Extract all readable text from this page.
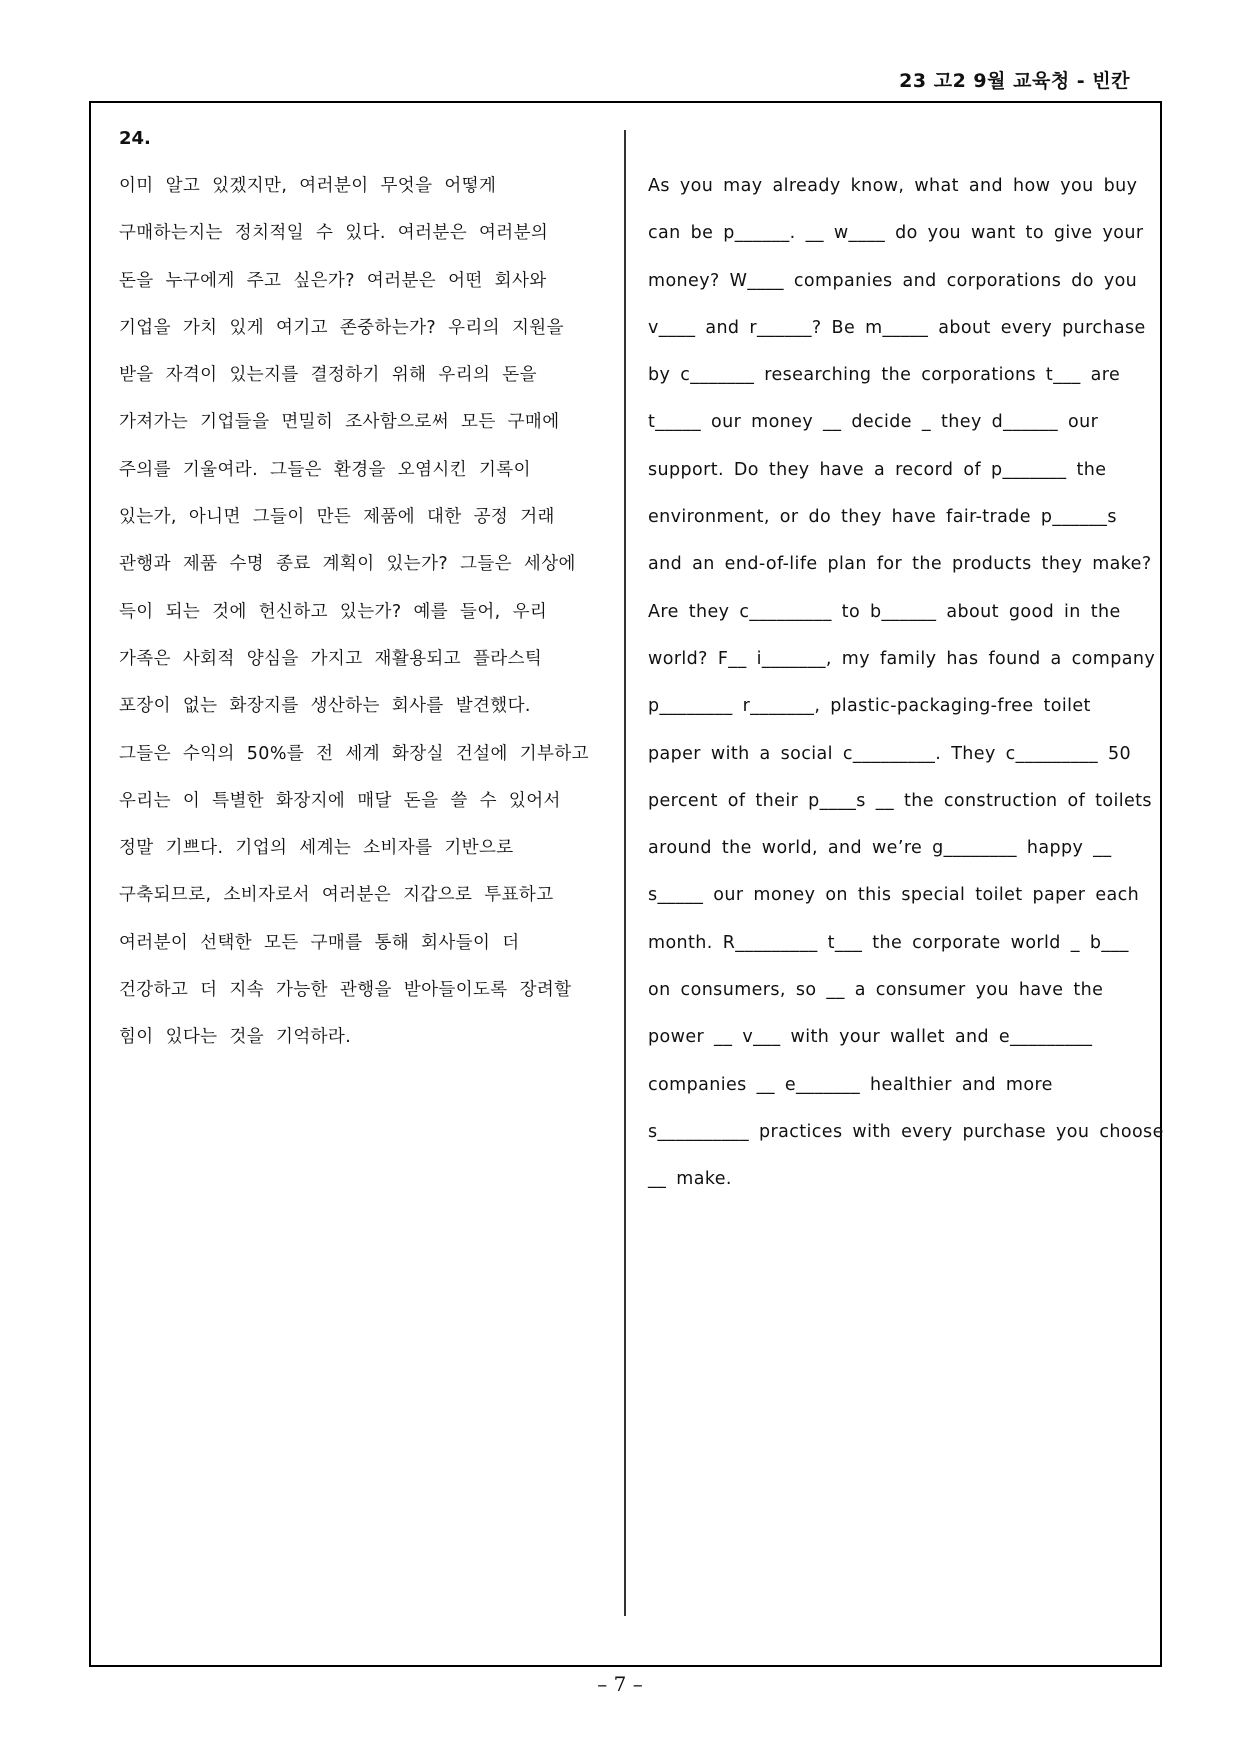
23 고2 9월 교육청 - 빈칸
24.
이미 알고 있겠지만, 여러분이 무엇을 어떻게
구매하는지는 정치적일 수 있다. 여러분은 여러분의
돈을 누구에게 주고 싶은가? 여러분은 어떤 회사와
기업을 가치 있게 여기고 존중하는가? 우리의 지원을
받을 자격이 있는지를 결정하기 위해 우리의 돈을
가져가는 기업들을 면밀히 조사함으로써 모든 구매에
주의를 기울여라. 그들은 환경을 오염시킨 기록이
있는가, 아니면 그들이 만든 제품에 대한 공정 거래
관행과 제품 수명 종료 계획이 있는가? 그들은 세상에
득이 되는 것에 헌신하고 있는가? 예를 들어, 우리
가족은 사회적 양심을 가지고 재활용되고 플라스틱
포장이 없는 화장지를 생산하는 회사를 발견했다.
그들은 수익의 50%를 전 세계 화장실 건설에 기부하고
우리는 이 특별한 화장지에 매달 돈을 쓸 수 있어서
정말 기쁘다. 기업의 세계는 소비자를 기반으로
구축되므로, 소비자로서 여러분은 지갑으로 투표하고
여러분이 선택한 모든 구매를 통해 회사들이 더
건강하고 더 지속 가능한 관행을 받아들이도록 장려할
힘이 있다는 것을 기억하라.
As you may already know, what and how you buy
can be p______. __ w____ do you want to give your
money? W____ companies and corporations do you
v____ and r______? Be m_____ about every purchase
by c_______ researching the corporations t___ are
t_____ our money __ decide _ they d______ our
support. Do they have a record of p_______ the
environment, or do they have fair-trade p______s
and an end-of-life plan for the products they make?
Are they c_________ to b______ about good in the
world? F__ i_______, my family has found a company
p________ r_______, plastic-packaging-free toilet
paper with a social c_________. They c_________ 50
percent of their p____s __ the construction of toilets
around the world, and we’re g________ happy __
s_____ our money on this special toilet paper each
month. R_________ t___ the corporate world _ b___
on consumers, so __ a consumer you have the
power __ v___ with your wallet and e_________
companies __ e_______ healthier and more
s__________ practices with every purchase you choose
__ make.
– 7 –
